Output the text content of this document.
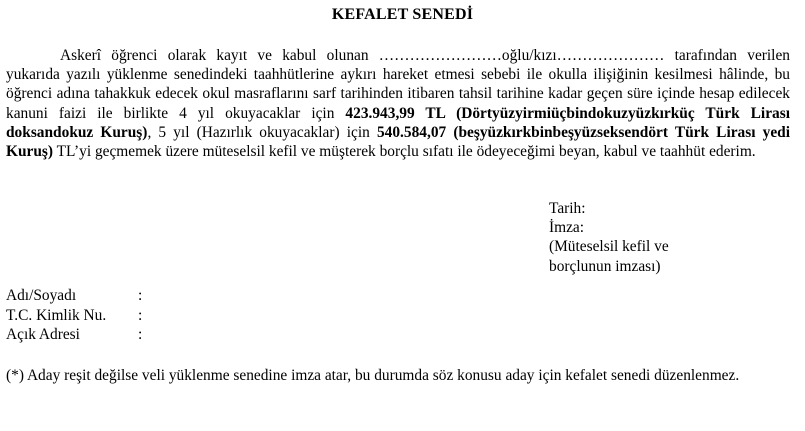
KEFALET SENEDİ

Askerî öğrenci olarak kayıt ve kabul olunan ……………………oğlu/kızı………………… tarafından verilen yukarıda yazılı yüklenme senedindeki taahhütlerine aykırı hareket etmesi sebebi ile okulla ilişiğinin kesilmesi hâlinde, bu öğrenci adına tahakkuk edecek okul masraflarını sarf tarihinden itibaren tahsil tarihine kadar geçen süre içinde hesap edilecek kanuni faizi ile birlikte 4 yıl okuyacaklar için 423.943,99 TL (Dörtyüzyirmiüçbindokuzyüzkırküç Türk Lirası doksandokuz Kuruş), 5 yıl (Hazırlık okuyacaklar) için 540.584,07 (beşyüzkırkbinbeşyüzseksendört Türk Lirası yedi Kuruş) TL’yi geçmemek üzere müteselsil kefil ve müşterek borçlu sıfatı ile ödeyeceğimi beyan, kabul ve taahhüt ederim.

Tarih:
İmza:
(Müteselsil kefil ve
borçlunun imzası)
Adı/Soyadı	:
T.C. Kimlik Nu.	:
Açık Adresi	:
(*) Aday reşit değilse veli yüklenme senedine imza atar, bu durumda söz konusu aday için kefalet senedi düzenlenmez.
